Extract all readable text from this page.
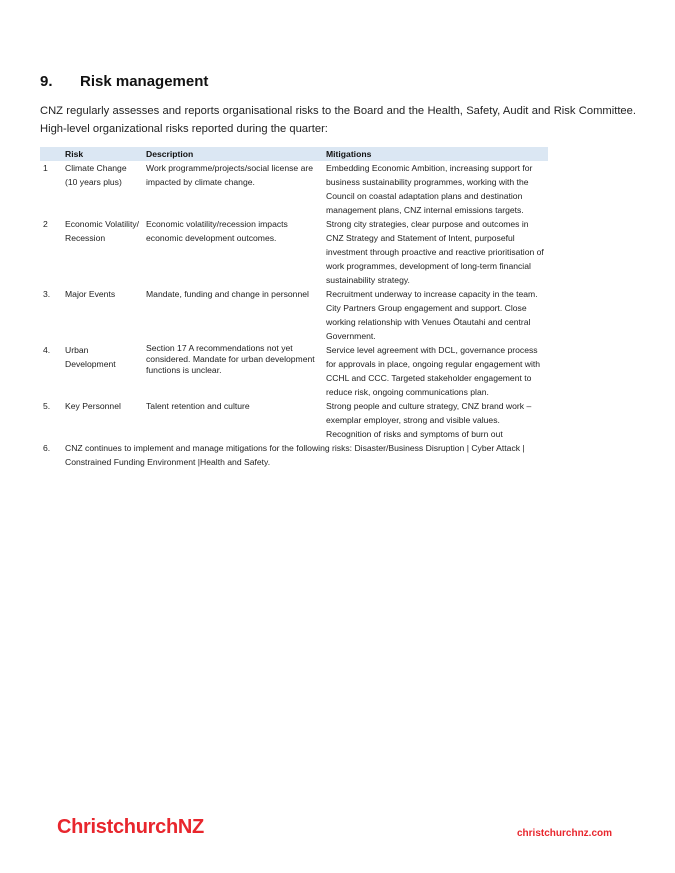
9. Risk management
CNZ regularly assesses and reports organisational risks to the Board and the Health, Safety, Audit and Risk Committee. High-level organizational risks reported during the quarter:
	Risk	Description	Mitigations
1	Climate Change (10 years plus)	Work programme/projects/social license are impacted by climate change.	Embedding Economic Ambition, increasing support for business sustainability programmes, working with the Council on coastal adaptation plans and destination management plans, CNZ internal emissions targets.
2	Economic Volatility/ Recession	Economic volatility/recession impacts economic development outcomes.	Strong city strategies, clear purpose and outcomes in CNZ Strategy and Statement of Intent, purposeful investment through proactive and reactive prioritisation of work programmes, development of long-term financial sustainability strategy.
3.	Major Events	Mandate, funding and change in personnel	Recruitment underway to increase capacity in the team. City Partners Group engagement and support. Close working relationship with Venues Ōtautahi and central Government.
4.	Urban Development	Section 17 A recommendations not yet considered. Mandate for urban development functions is unclear.	Service level agreement with DCL, governance process for approvals in place, ongoing regular engagement with CCHL and CCC. Targeted stakeholder engagement to reduce risk, ongoing communications plan.
5.	Key Personnel	Talent retention and culture	Strong people and culture strategy, CNZ brand work – exemplar employer, strong and visible values. Recognition of risks and symptoms of burn out
6.	CNZ continues to implement and manage mitigations for the following risks: Disaster/Business Disruption | Cyber Attack | Constrained Funding Environment |Health and Safety.		
ChristchurchNZ	christchurchnz.com
